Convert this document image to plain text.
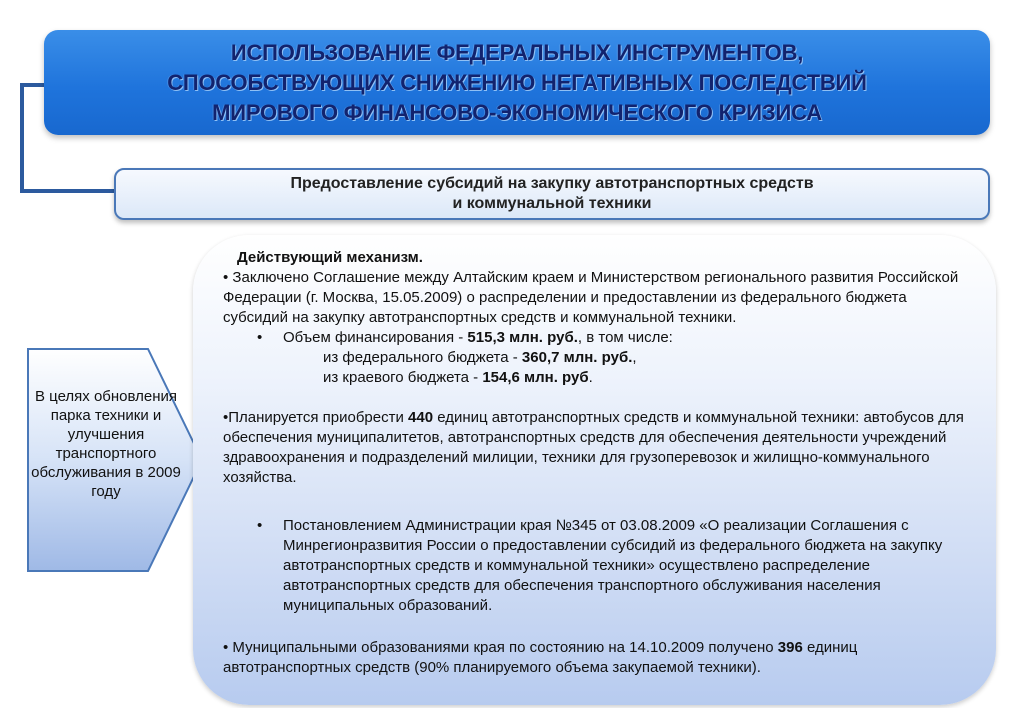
ИСПОЛЬЗОВАНИЕ ФЕДЕРАЛЬНЫХ ИНСТРУМЕНТОВ,
СПОСОБСТВУЮЩИХ СНИЖЕНИЮ НЕГАТИВНЫХ ПОСЛЕДСТВИЙ
МИРОВОГО ФИНАНСОВО-ЭКОНОМИЧЕСКОГО КРИЗИСА
Предоставление субсидий на закупку автотранспортных средств
и коммунальной техники
В целях обновления парка техники и улучшения транспортного обслуживания в 2009 году

Действующий механизм.

• Заключено Соглашение между Алтайским краем и Министерством регионального развития Российской Федерации (г. Москва, 15.05.2009) о распределении и предоставлении из федерального бюджета субсидий на закупку автотранспортных средств и коммунальной техники.

• Объем финансирования - 515,3 млн. руб., в том числе:

из федерального бюджета - 360,7 млн. руб.,

из краевого бюджета - 154,6 млн. руб.

•Планируется приобрести 440 единиц автотранспортных средств и коммунальной техники: автобусов для обеспечения муниципалитетов, автотранспортных средств для обеспечения деятельности учреждений здравоохранения и подразделений милиции, техники для грузоперевозок и жилищно-коммунального хозяйства.

• Постановлением Администрации края №345 от 03.08.2009 «О реализации Соглашения с Минрегионразвития России о предоставлении субсидий из федерального бюджета на закупку автотранспортных средств и коммунальной техники» осуществлено распределение автотранспортных средств для обеспечения транспортного обслуживания населения муниципальных образований.

• Муниципальными образованиями края по состоянию на 14.10.2009 получено 396 единиц автотранспортных средств (90% планируемого объема закупаемой техники).
